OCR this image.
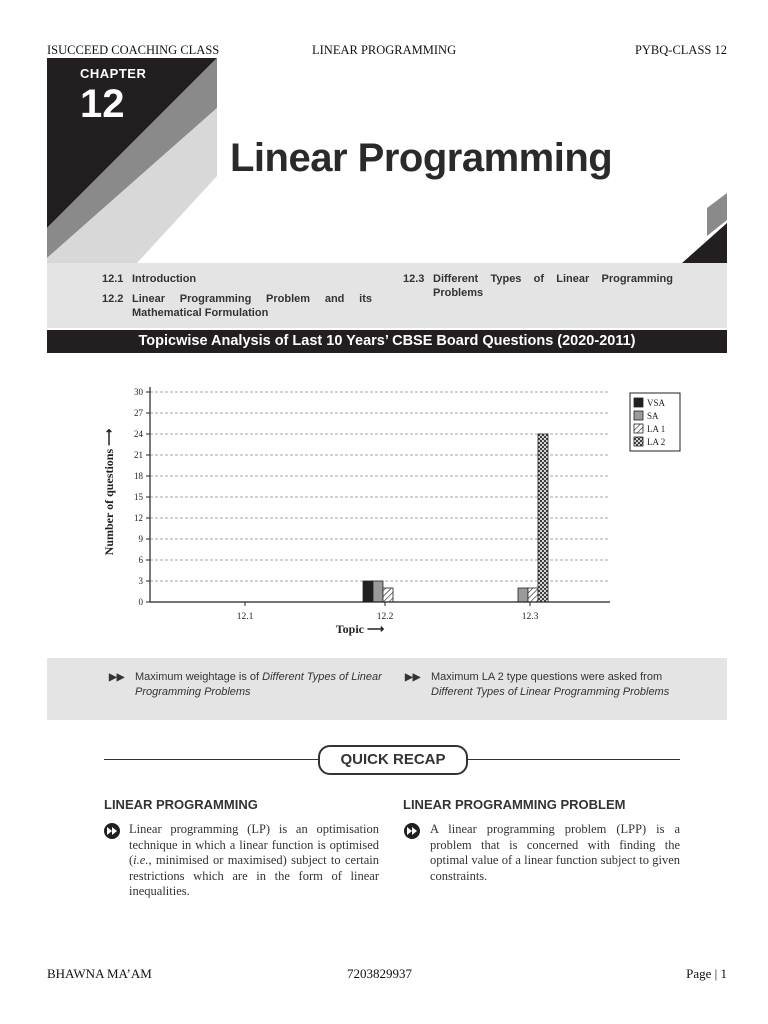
ISUCCEED COACHING CLASS	LINEAR PROGRAMMING	PYBQ-CLASS 12
CHAPTER
12
Linear Programming
12.1 Introduction
12.2 Linear Programming Problem and its Mathematical Formulation
12.3 Different Types of Linear Programming Problems
Topicwise Analysis of Last 10 Years’ CBSE Board Questions (2020-2011)
0
3
6
9
12
15
18
21
24
27
30
12.1	12.2	12.3
Topic ⟶
Number of questions ⟶
VSA
SA
LA 1
LA 2
▶▶ Maximum weightage is of Different Types of Linear Programming Problems
▶▶ Maximum LA 2 type questions were asked from Different Types of Linear Programming Problems
QUICK RECAP
LINEAR PROGRAMMING	LINEAR PROGRAMMING PROBLEM
Linear programming (LP) is an optimisation technique in which a linear function is optimised (i.e., minimised or maximised) subject to certain restrictions which are in the form of linear inequalities.
A linear programming problem (LPP) is a problem that is concerned with finding the optimal value of a linear function subject to given constraints.
BHAWNA MA’AM	7203829937	Page | 1
